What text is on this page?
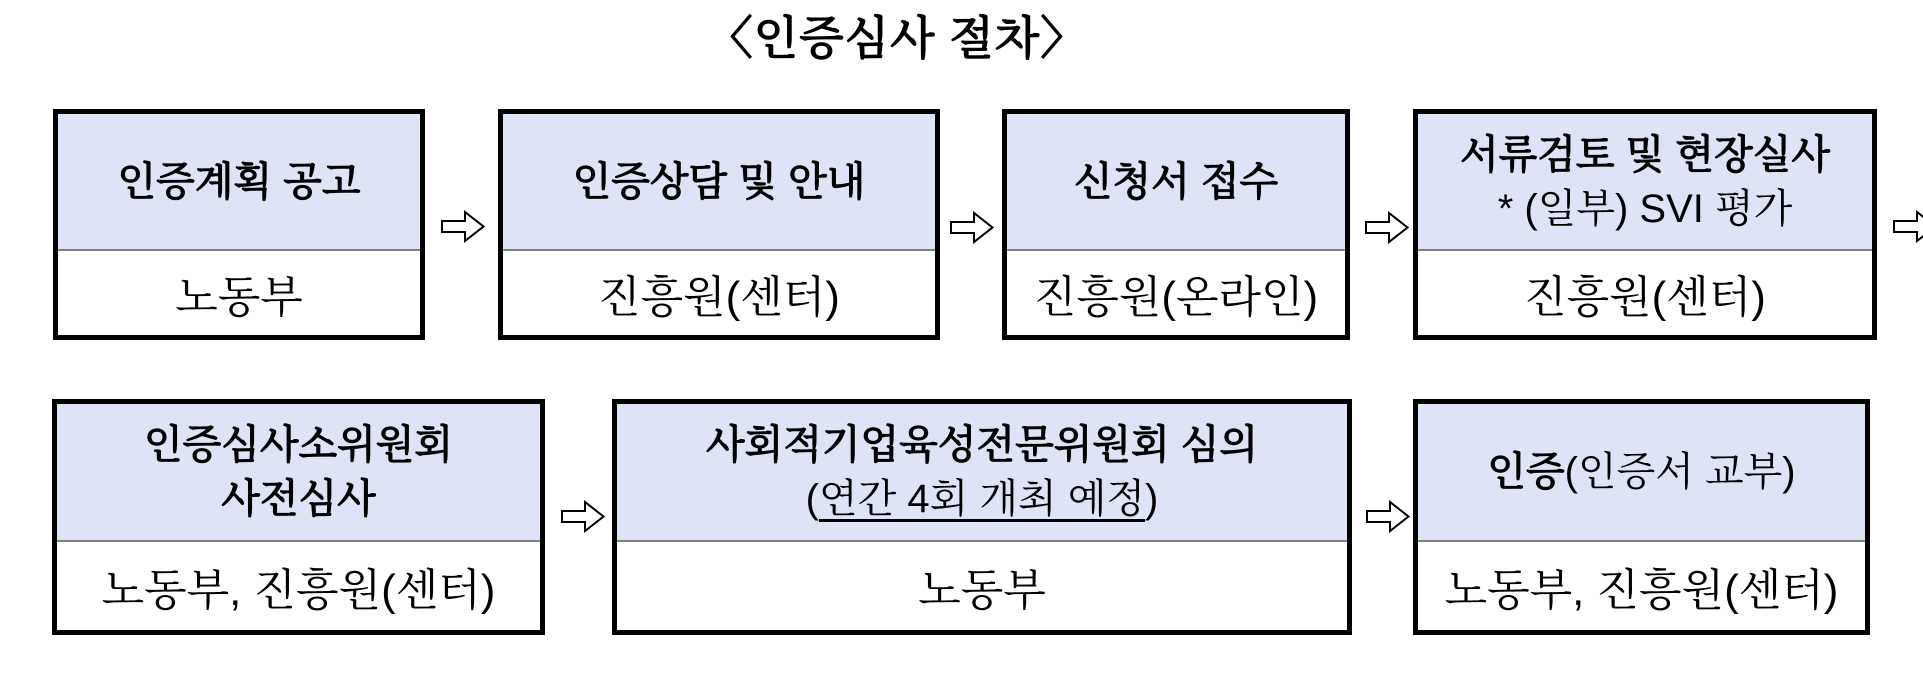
〈인증심사 절차〉
인증계획 공고
노동부
인증상담 및 안내
진흥원(센터)
신청서 접수
진흥원(온라인)
서류검토 및 현장실사
* (일부) SVI 평가
진흥원(센터)
인증심사소위원회
사전심사
노동부, 진흥원(센터)
사회적기업육성전문위원회 심의
(연간 4회 개최 예정)
노동부
인증(인증서 교부)
노동부, 진흥원(센터)
